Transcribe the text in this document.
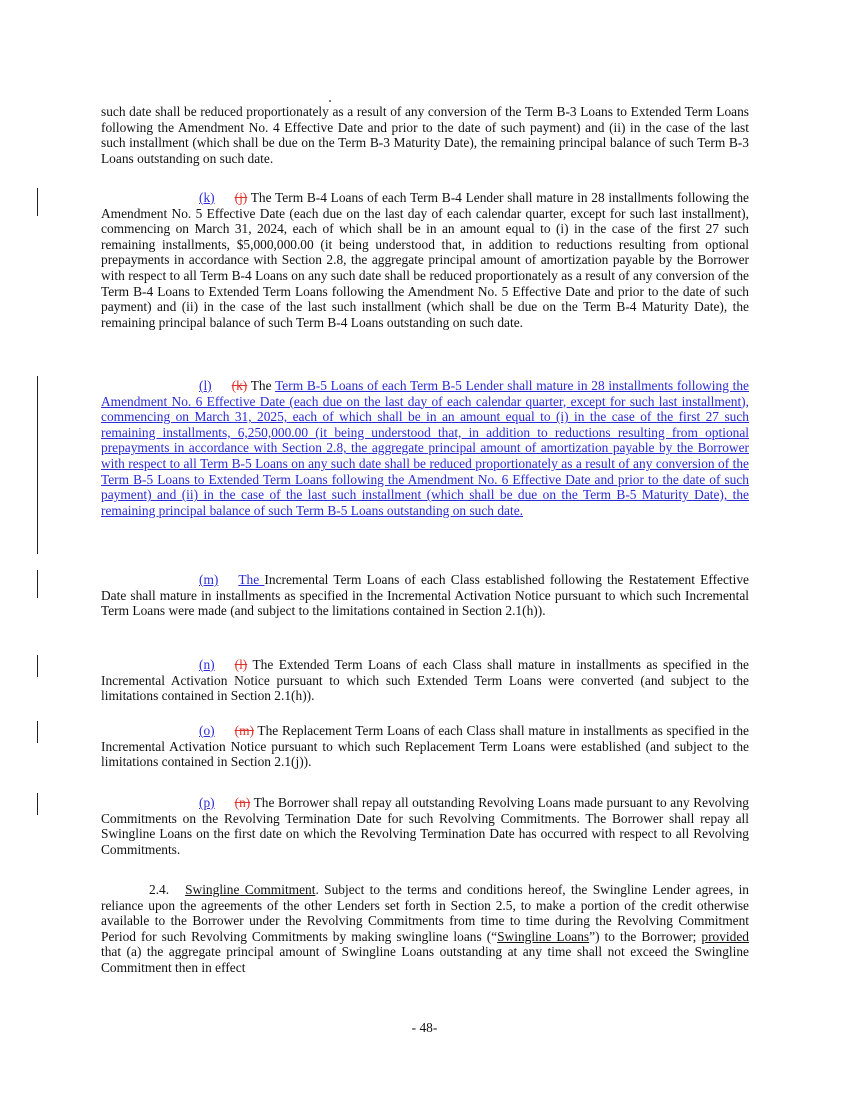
such date shall be reduced proportionately as a result of any conversion of the Term B-3 Loans to Extended Term Loans following the Amendment No. 4 Effective Date and prior to the date of such payment) and (ii) in the case of the last such installment (which shall be due on the Term B-3 Maturity Date), the remaining principal balance of such Term B-3 Loans outstanding on such date.

(k) (j) The Term B-4 Loans of each Term B-4 Lender shall mature in 28 installments following the Amendment No. 5 Effective Date (each due on the last day of each calendar quarter, except for such last installment), commencing on March 31, 2024, each of which shall be in an amount equal to (i) in the case of the first 27 such remaining installments, $5,000,000.00 (it being understood that, in addition to reductions resulting from optional prepayments in accordance with Section 2.8, the aggregate principal amount of amortization payable by the Borrower with respect to all Term B-4 Loans on any such date shall be reduced proportionately as a result of any conversion of the Term B-4 Loans to Extended Term Loans following the Amendment No. 5 Effective Date and prior to the date of such payment) and (ii) in the case of the last such installment (which shall be due on the Term B-4 Maturity Date), the remaining principal balance of such Term B-4 Loans outstanding on such date.

(l) (k) The Term B-5 Loans of each Term B-5 Lender shall mature in 28 installments following the Amendment No. 6 Effective Date (each due on the last day of each calendar quarter, except for such last installment), commencing on March 31, 2025, each of which shall be in an amount equal to (i) in the case of the first 27 such remaining installments, 6,250,000.00 (it being understood that, in addition to reductions resulting from optional prepayments in accordance with Section 2.8, the aggregate principal amount of amortization payable by the Borrower with respect to all Term B-5 Loans on any such date shall be reduced proportionately as a result of any conversion of the Term B-5 Loans to Extended Term Loans following the Amendment No. 6 Effective Date and prior to the date of such payment) and (ii) in the case of the last such installment (which shall be due on the Term B-5 Maturity Date), the remaining principal balance of such Term B-5 Loans outstanding on such date.

(m) The Incremental Term Loans of each Class established following the Restatement Effective Date shall mature in installments as specified in the Incremental Activation Notice pursuant to which such Incremental Term Loans were made (and subject to the limitations contained in Section 2.1(h)).

(n) (l) The Extended Term Loans of each Class shall mature in installments as specified in the Incremental Activation Notice pursuant to which such Extended Term Loans were converted (and subject to the limitations contained in Section 2.1(h)).

(o) (m) The Replacement Term Loans of each Class shall mature in installments as specified in the Incremental Activation Notice pursuant to which such Replacement Term Loans were established (and subject to the limitations contained in Section 2.1(j)).

(p) (n) The Borrower shall repay all outstanding Revolving Loans made pursuant to any Revolving Commitments on the Revolving Termination Date for such Revolving Commitments. The Borrower shall repay all Swingline Loans on the first date on which the Revolving Termination Date has occurred with respect to all Revolving Commitments.

2.4. Swingline Commitment. Subject to the terms and conditions hereof, the Swingline Lender agrees, in reliance upon the agreements of the other Lenders set forth in Section 2.5, to make a portion of the credit otherwise available to the Borrower under the Revolving Commitments from time to time during the Revolving Commitment Period for such Revolving Commitments by making swingline loans (“Swingline Loans”) to the Borrower; provided that (a) the aggregate principal amount of Swingline Loans outstanding at any time shall not exceed the Swingline Commitment then in effect

- 48-
